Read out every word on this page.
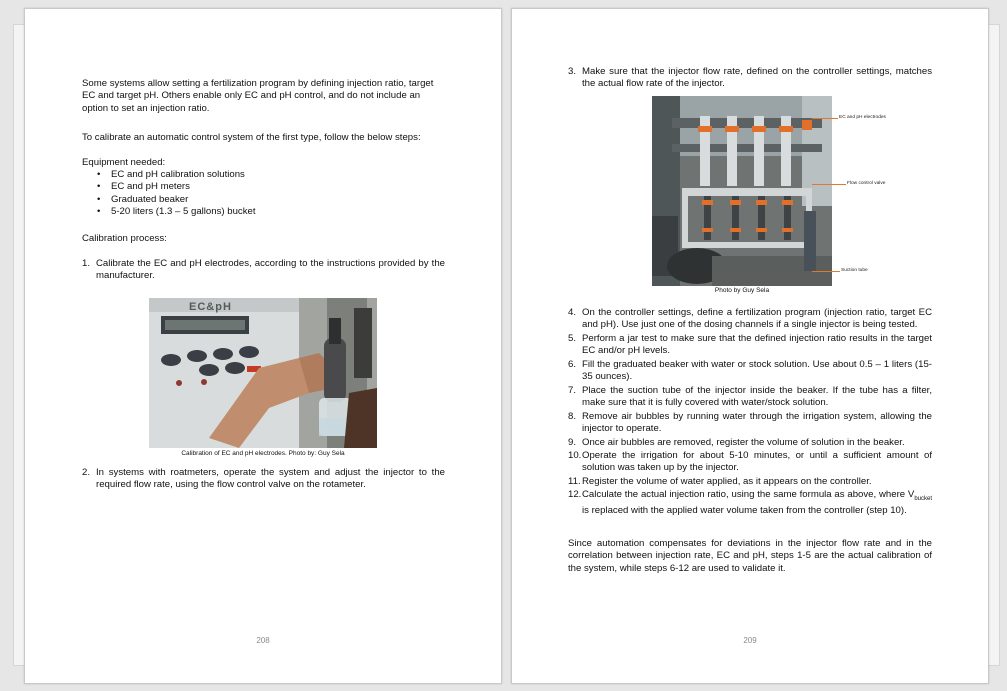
Some systems allow setting a fertilization program by defining injection ratio, target EC and target pH. Others enable only EC and pH control, and do not include an option to set an injection ratio.
To calibrate an automatic control system of the first type, follow the below steps:
Equipment needed:
• EC and pH calibration solutions
• EC and pH meters
• Graduated beaker
• 5-20 liters (1.3 – 5 gallons) bucket
Calibration process:
1. Calibrate the EC and pH electrodes, according to the instructions provided by the manufacturer.
EC&pH
Calibration of EC and pH electrodes. Photo by: Guy Sela
2. In systems with roatmeters, operate the system and adjust the injector to the required flow rate, using the flow control valve on the rotameter.
208
3. Make sure that the injector flow rate, defined on the controller settings, matches the actual flow rate of the injector.
EC and pH electrodes
Flow control valve
Suction tube
Photo by Guy Sela
4. On the controller settings, define a fertilization program (injection ratio, target EC and pH). Use just one of the dosing channels if a single injector is being tested.
5. Perform a jar test to make sure that the defined injection ratio results in the target EC and/or pH levels.
6. Fill the graduated beaker with water or stock solution. Use about 0.5 – 1 liters (15-35 ounces).
7. Place the suction tube of the injector inside the beaker. If the tube has a filter, make sure that it is fully covered with water/stock solution.
8. Remove air bubbles by running water through the irrigation system, allowing the injector to operate.
9. Once air bubbles are removed, register the volume of solution in the beaker.
10. Operate the irrigation for about 5-10 minutes, or until a sufficient amount of solution was taken up by the injector.
11. Register the volume of water applied, as it appears on the controller.
12. Calculate the actual injection ratio, using the same formula as above, where $V_{bucket}$ is replaced with the applied water volume taken from the controller (step 10).
Since automation compensates for deviations in the injector flow rate and in the correlation between injection rate, EC and pH, steps 1-5 are the actual calibration of the system, while steps 6-12 are used to validate it.
209
